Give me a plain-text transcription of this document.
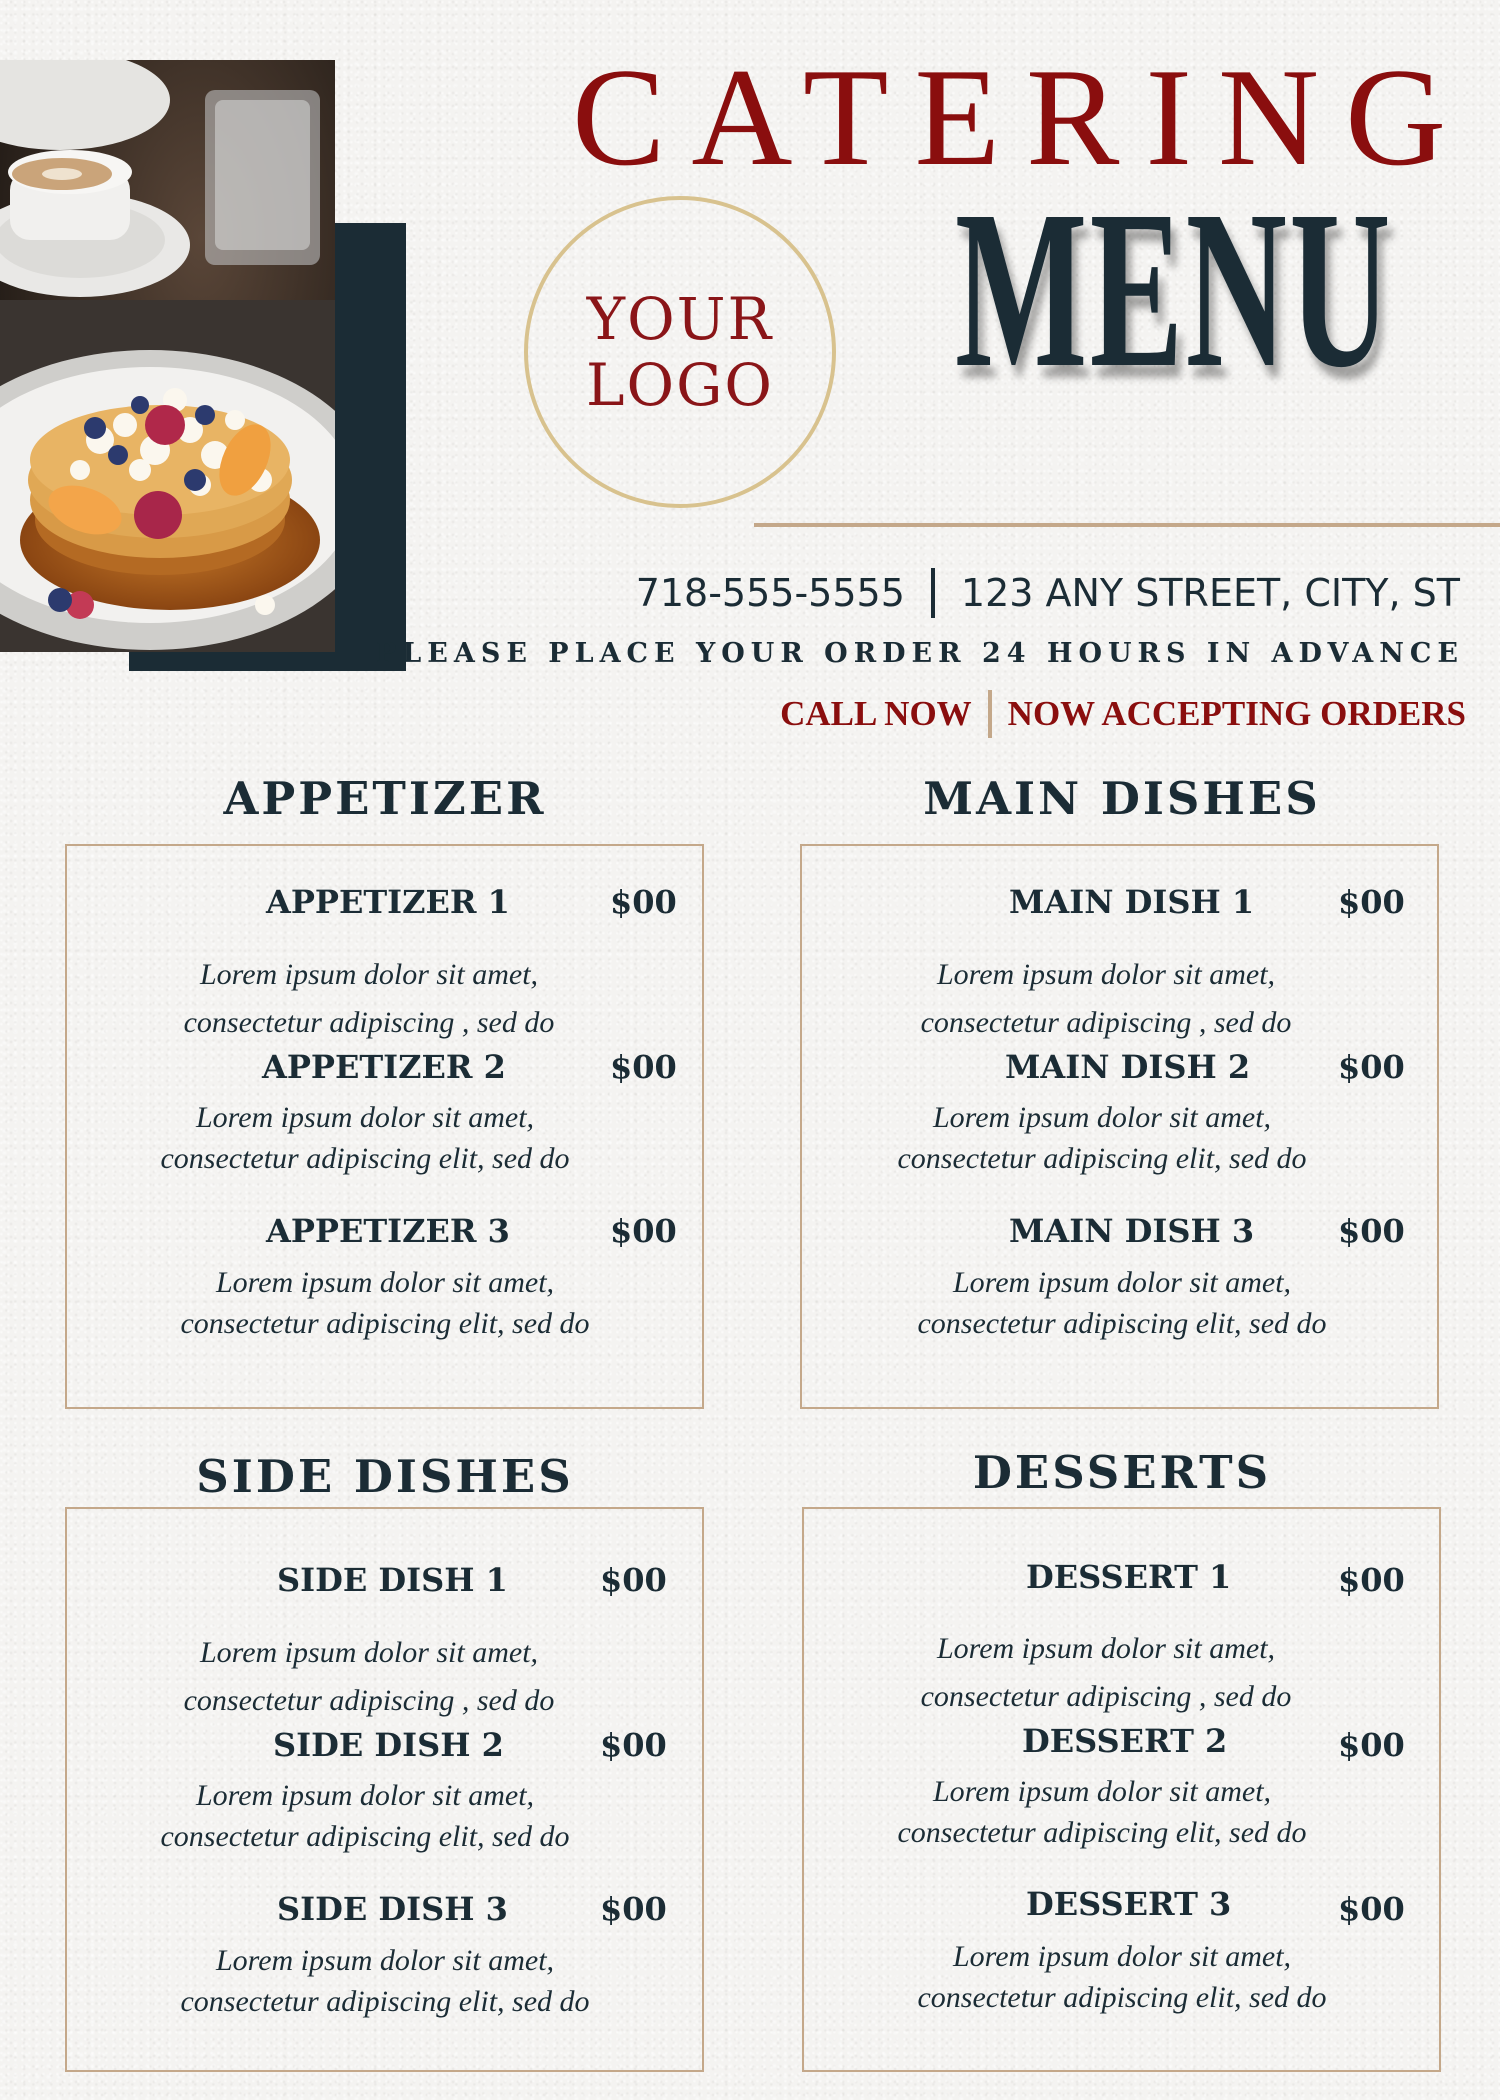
YOUR
LOGO
CATERING
MENU
718-555-5555 123 ANY STREET, CITY, ST
PLEASE PLACE YOUR ORDER 24 HOURS IN ADVANCE
CALL NOW NOW ACCEPTING ORDERS
APPETIZER
APPETIZER 1	$00
Lorem ipsum dolor sit amet,
consectetur adipiscing , sed do
APPETIZER 2	$00
Lorem ipsum dolor sit amet,
consectetur adipiscing elit, sed do
APPETIZER 3	$00
Lorem ipsum dolor sit amet,
consectetur adipiscing elit, sed do
MAIN DISHES
MAIN DISH 1	$00
Lorem ipsum dolor sit amet,
consectetur adipiscing , sed do
MAIN DISH 2	$00
Lorem ipsum dolor sit amet,
consectetur adipiscing elit, sed do
MAIN DISH 3	$00
Lorem ipsum dolor sit amet,
consectetur adipiscing elit, sed do
SIDE DISHES
SIDE DISH 1	$00
Lorem ipsum dolor sit amet,
consectetur adipiscing , sed do
SIDE DISH 2	$00
Lorem ipsum dolor sit amet,
consectetur adipiscing elit, sed do
SIDE DISH 3	$00
Lorem ipsum dolor sit amet,
consectetur adipiscing elit, sed do
DESSERTS
DESSERT 1	$00
Lorem ipsum dolor sit amet,
consectetur adipiscing , sed do
DESSERT 2	$00
Lorem ipsum dolor sit amet,
consectetur adipiscing elit, sed do
DESSERT 3	$00
Lorem ipsum dolor sit amet,
consectetur adipiscing elit, sed do
